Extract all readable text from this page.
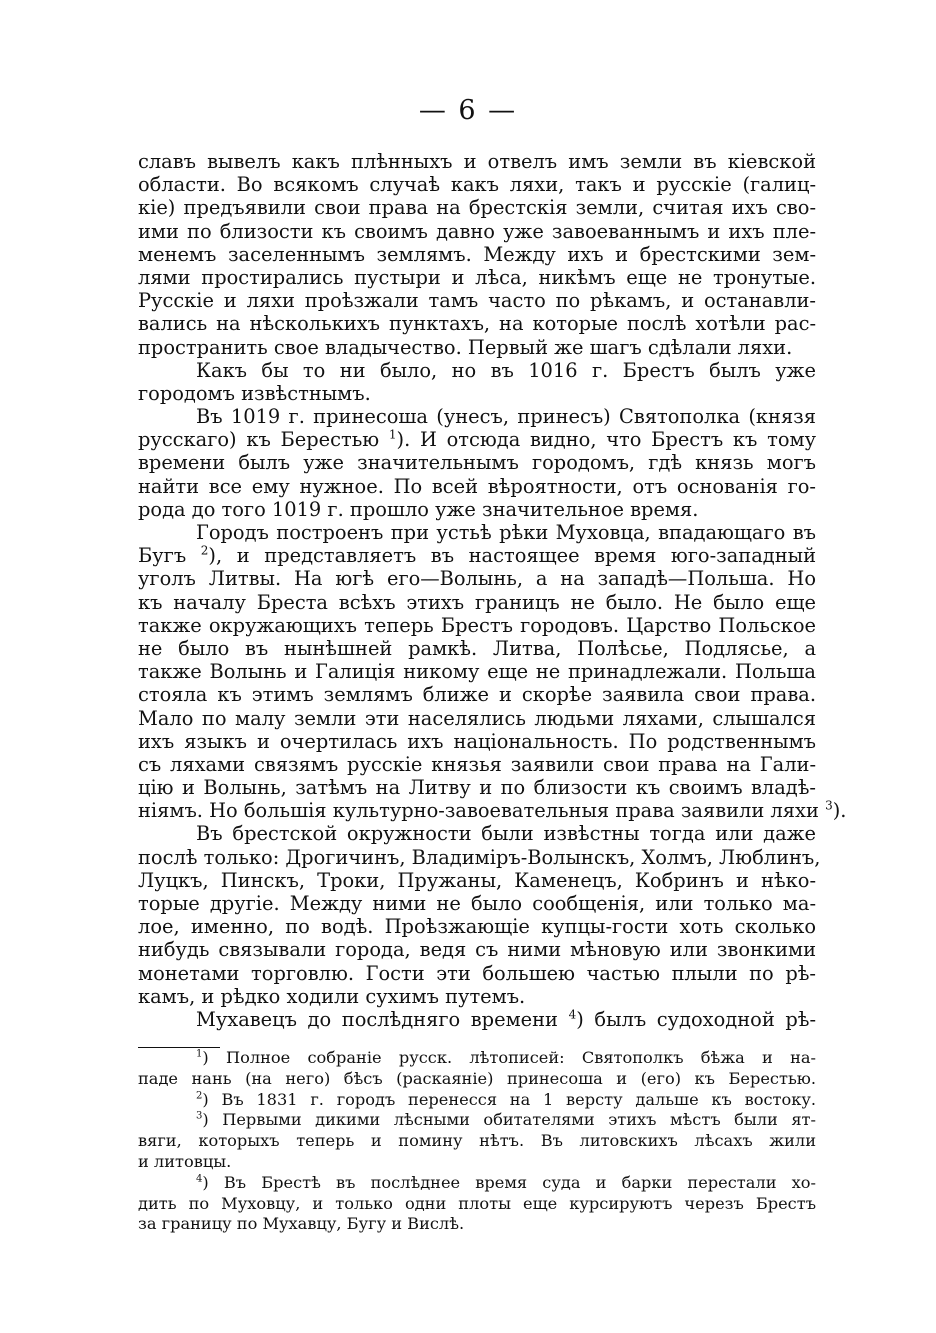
— 6 —
славъ вывелъ какъ плѣнныхъ и отвелъ имъ земли въ кіевской
области. Во всякомъ случаѣ какъ ляхи, такъ и русскіе (галиц-
кіе) предъявили свои права на брестскія земли, считая ихъ сво-
ими по близости къ своимъ давно уже завоеваннымъ и ихъ пле-
менемъ заселеннымъ землямъ. Между ихъ и брестскими зем-
лями простирались пустыри и лѣса, никѣмъ еще не тронутые.
Русскіе и ляхи проѣзжали тамъ часто по рѣкамъ, и останавли-
вались на нѣсколькихъ пунктахъ, на которые послѣ хотѣли рас-
пространить свое владычество. Первый же шагъ сдѣлали ляхи.
Какъ бы то ни было, но въ 1016 г. Брестъ былъ уже
городомъ извѣстнымъ.
Въ 1019 г. принесоша (унесъ, принесъ) Святополка (князя
русскаго) къ Берестью $^1$). И отсюда видно, что Брестъ къ тому
времени былъ уже значительнымъ городомъ, гдѣ князь могъ
найти все ему нужное. По всей вѣроятности, отъ основанія го-
рода до того 1019 г. прошло уже значительное время.
Городъ построенъ при устьѣ рѣки Муховца, впадающаго въ
Бугъ $^2$), и представляетъ въ настоящее время юго-западный
уголъ Литвы. На югѣ его—Волынь, а на западѣ—Польша. Но
къ началу Бреста всѣхъ этихъ границъ не было. Не было еще
также окружающихъ теперь Брестъ городовъ. Царство Польское
не было въ нынѣшней рамкѣ. Литва, Полѣсье, Подлясье, а
также Волынь и Галиція никому еще не принадлежали. Польша
стояла къ этимъ землямъ ближе и скорѣе заявила свои права.
Мало по малу земли эти населялись людьми ляхами, слышался
ихъ языкъ и очертилась ихъ національность. По родственнымъ
съ ляхами связямъ русскіе князья заявили свои права на Гали-
цію и Волынь, затѣмъ на Литву и по близости къ своимъ владѣ-
ніямъ. Но большія культурно-завоевательныя права заявили ляхи $^3$).
Въ брестской окружности были извѣстны тогда или даже
послѣ только: Дрогичинъ, Владиміръ-Волынскъ, Холмъ, Люблинъ,
Луцкъ, Пинскъ, Троки, Пружаны, Каменецъ, Кобринъ и нѣко-
торые другіе. Между ними не было сообщенія, или только ма-
лое, именно, по водѣ. Проѣзжающіе купцы-гости хоть сколько
нибудь связывали города, ведя съ ними мѣновую или звонкими
монетами торговлю. Гости эти большею частью плыли по рѣ-
камъ, и рѣдко ходили сухимъ путемъ.
Мухавецъ до послѣдняго времени $^4$) былъ судоходной рѣ-
$^1$) Полное собраніе русск. лѣтописей: Святополкъ бѣжа и на-
паде нань (на него) бѣсъ (раскаяніе) принесоша и (его) къ Берестью.
$^2$) Въ 1831 г. городъ перенесся на 1 версту дальше къ востоку.
$^3$) Первыми дикими лѣсными обитателями этихъ мѣстъ были ят-
вяги, которыхъ теперь и помину нѣтъ. Въ литовскихъ лѣсахъ жили
и литовцы.
$^4$) Въ Брестѣ въ послѣднее время суда и барки перестали хо-
дить по Муховцу, и только одни плоты еще курсируютъ черезъ Брестъ
за границу по Мухавцу, Бугу и Вислѣ.
